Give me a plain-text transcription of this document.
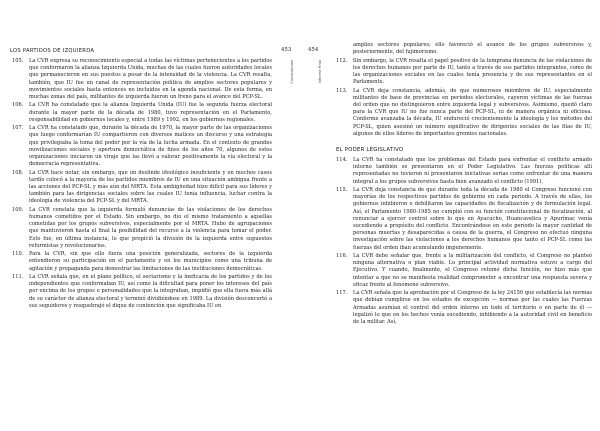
LOS PARTIDOS DE IZQUIERDA	453
Conclusiones
105.	La CVR expresa su reconocimiento especial a todas las víctimas pertenecientes a los partidos que conformaron la alianza Izquierda Unida, muchas de las cuales fueron autoridades locales que permanecieron en sus puestos a pesar de la intensidad de la violencia. La CVR resalta, también, que IU fue un canal de representación política de amplios sectores populares y movimientos sociales hasta entonces no incluidos en la agenda nacional. De esta forma, en muchas zonas del país, militantes de izquierda fueron un freno para el avance del PCP-SL.
106.	La CVR ha constatado que la alianza Izquierda Unida (IU) fue la segunda fuerza electoral durante la mayor parte de la década de 1980, tuvo representación en el Parlamento, responsabilidad en gobiernos locales y, entre 1989 y 1992, en los gobiernos regionales.
107.	La CVR ha constatado que, durante la década de 1970, la mayor parte de las organizaciones que luego conformarían IU compartieron con diversos matices un discurso y una estrategia que privilegiaba la toma del poder por la vía de la lucha armada. En el contexto de grandes movilizaciones sociales y apertura democrática de fines de los años 70, algunos de estos organizaciones iniciaron un viraje que las llevó a valorar positivamente la vía electoral y la democracia representativa.
108.	La CVR hace notar, sin embargo, que un deslinde ideológico insuficiente y en muchos casos tardío colocó a la mayoría de los partidos miembros de IU en una situación ambigua frente a las acciones del PCP-SL y más aún del MRTA. Esta ambigüedad hizo difícil para sus líderes y también para las dirigencias sociales sobre las cuales IU tenía influencia, luchar contra la ideología de violencia del PCP-SL y del MRTA.
109.	La CVR constata que la izquierda formuló denuncias de las violaciones de los derechos humanos cometidos por el Estado. Sin embargo, no dio el mismo tratamiento a aquellas cometidas por los grupos subversivos, especialmente por el MRTA. Hubo de agrupaciones que mantuvieron hasta el final la posibilidad del recurso a la violencia para tomar el poder. Esto fue, en última instancia, lo que propició la división de la izquierda entre supuestos reformistas y revolucionarios.
110.	Para la CVR, sin que ello fuera una posición generalizada, sectores de la izquierda entendieron su participación en el parlamento y en los municipios como una tribuna de agitación y propaganda para demostrar las limitaciones de las instituciones democráticas.
111.	La CVR señala que, en el plano político, el sectarismo y la ineficacia de los partidos y de los independientes que conformaban IU, así como la dificultad para poner los intereses del país por encima de los grupos o personalidades que la integraban, impidió que ella fuera más allá de su carácter de alianza electoral y terminó dividiéndose en 1989. La división desconcertó a sus seguidores y resquebrajó el dique de contención que significaba IU en
454
Informe Final
amplios sectores populares; ello favoreció el avance de los grupos subversivos y, posteriormente, del fujimorismo.
112.	Sin embargo, la CVR resalta el papel positivo de la temprana denuncia de las violaciones de los derechos humanos por parte de IU, tanto a través de sus partidos integrantes, como de las organizaciones sociales en las cuales tenía presencia y de sus representantes en el Parlamento.
113.	La CVR deja constancia, además, de que numerosos miembros de IU, especialmente militantes de base de provincias en períodos electorales, cayeron víctimas de las fuerzas del orden que no distinguieron entre izquierda legal y subversivos. Asimismo, quedó claro para la CVR que IU no fue nunca parte del PCP-SL, ni de manera orgánica ni oficiosa. Conforme avanzaba la década, IU endureció crecientemente la ideología y los métodos del PCP-SL, quien asesinó un número significativo de dirigentes sociales de las filas de IU, algunos de ellos líderes de importantes gremios nacionales.
EL PODER LEGISLATIVO
114.	La CVR ha constatado que los problemas del Estado para enfrentar el conflicto armado interno también se presentaron en el Poder Legislativo. Las fuerzas políticas allí representadas no tuvieron ni presentaron iniciativas serias como enfrentar de una manera integral a los grupos subversivos hasta bien avanzado el conflicto (1991).
115.	La CVR deja constancia de que durante toda la década de 1980 el Congreso funcionó con mayorías de los respectivos partidos de gobierno en cada período. A través de ellas, los gobiernos inhibieron o debilitaron las capacidades de fiscalización y de formulación legal. Así, el Parlamento 1980-1985 no cumplió con su función constitucional de fiscalización, al renunciar a ejercer control sobre lo que en Ayacucho, Huancavelica y Apurímac venía sucediendo a propósito del conflicto. Encontrándose en este período la mayor cantidad de personas muertas y desaparecidas a causa de la guerra, el Congreso no efectuó ninguna investigación sobre las violaciones a los derechos humanos que tanto el PCP-SL como las fuerzas del orden iban acumulando impunemente.
116.	La CVR debe señalar que, frente a la militarización del conflicto, el Congreso no planteó ninguna alternativa o plan viable. Lo principal actividad normativa estuvo a cargo del Ejecutivo. Y cuando, finalmente, el Congreso retomó dicha función, no hizo más que intentar a que no se manifiesta realidad comprometer a encontrar una respuesta severa y eficaz frente al fenómeno subversivo.
117.	La CVR señala que la aprobación por el Congreso de la ley 24150 que establecía las normas que debían cumplirse en los estados de excepción — normas por las cuales las Fuerzas Armadas asumían el control del orden interno en todo el territorio o en parte de él — legalizó lo que en los hechos venía sucediendo, inhibiendo a la autoridad civil en beneficio de la militar. Así,
